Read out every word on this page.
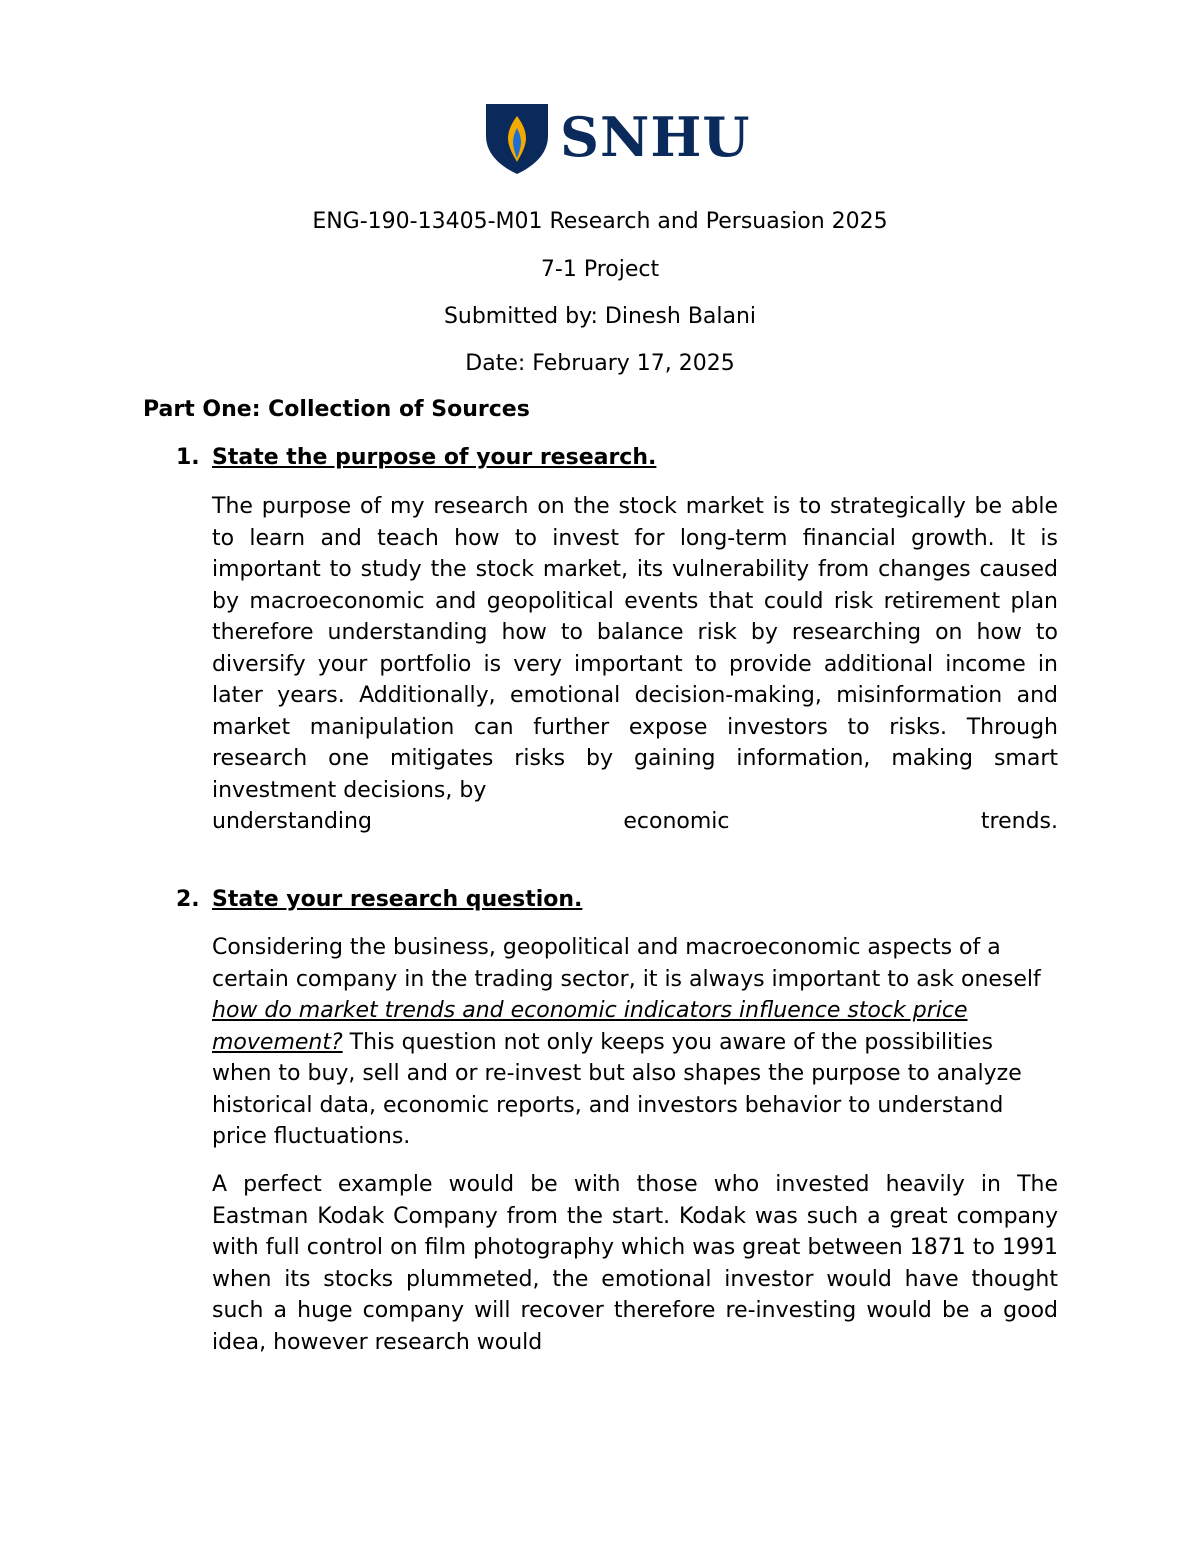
SNHU
ENG-190-13405-M01 Research and Persuasion 2025
7-1 Project
Submitted by: Dinesh Balani
Date: February 17, 2025
Part One: Collection of Sources
1. State the purpose of your research.
The purpose of my research on the stock market is to strategically be able to learn and teach how to invest for long-term financial growth. It is important to study the stock market, its vulnerability from changes caused by macroeconomic and geopolitical events that could risk retirement plan therefore understanding how to balance risk by researching on how to diversify your portfolio is very important to provide additional income in later years. Additionally, emotional decision-making, misinformation and market manipulation can further expose investors to risks. Through research one mitigates risks by gaining information, making smart investment decisions, by
understanding economic trends.
2. State your research question.
Considering the business, geopolitical and macroeconomic aspects of a certain company in the trading sector, it is always important to ask oneself how do market trends and economic indicators influence stock price movement? This question not only keeps you aware of the possibilities when to buy, sell and or re-invest but also shapes the purpose to analyze historical data, economic reports, and investors behavior to understand price fluctuations.
A perfect example would be with those who invested heavily in The Eastman Kodak Company from the start. Kodak was such a great company with full control on film photography which was great between 1871 to 1991 when its stocks plummeted, the emotional investor would have thought such a huge company will recover therefore re-investing would be a good idea, however research would
